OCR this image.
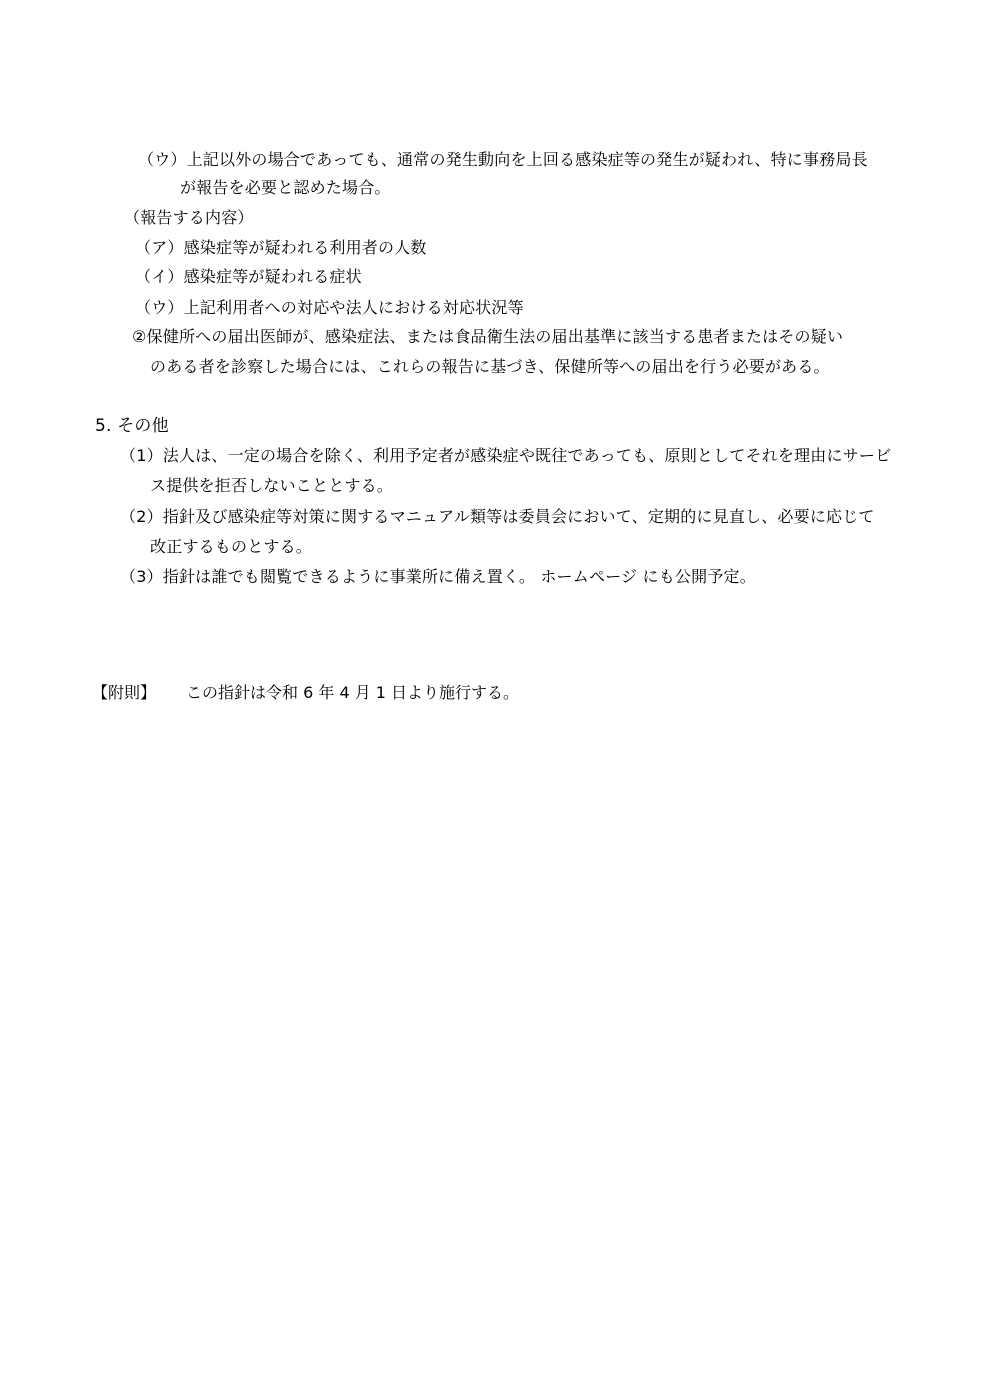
（ウ）上記以外の場合であっても、通常の発生動向を上回る感染症等の発生が疑われ、特に事務局長
が報告を必要と認めた場合。
（報告する内容）
（ア）感染症等が疑われる利用者の人数
（イ）感染症等が疑われる症状
（ウ）上記利用者への対応や法人における対応状況等
②保健所への届出医師が、感染症法、または食品衛生法の届出基準に該当する患者またはその疑い
のある者を診察した場合には、これらの報告に基づき、保健所等への届出を行う必要がある。
5. その他
（1）法人は、一定の場合を除く、利用予定者が感染症や既往であっても、原則としてそれを理由にサービ
ス提供を拒否しないこととする。
（2）指針及び感染症等対策に関するマニュアル類等は委員会において、定期的に見直し、必要に応じて
改正するものとする。
（3）指針は誰でも閲覧できるように事業所に備え置く。 ホームページ にも公開予定。
【附則】 この指針は令和 6 年 4 月 1 日より施行する。
